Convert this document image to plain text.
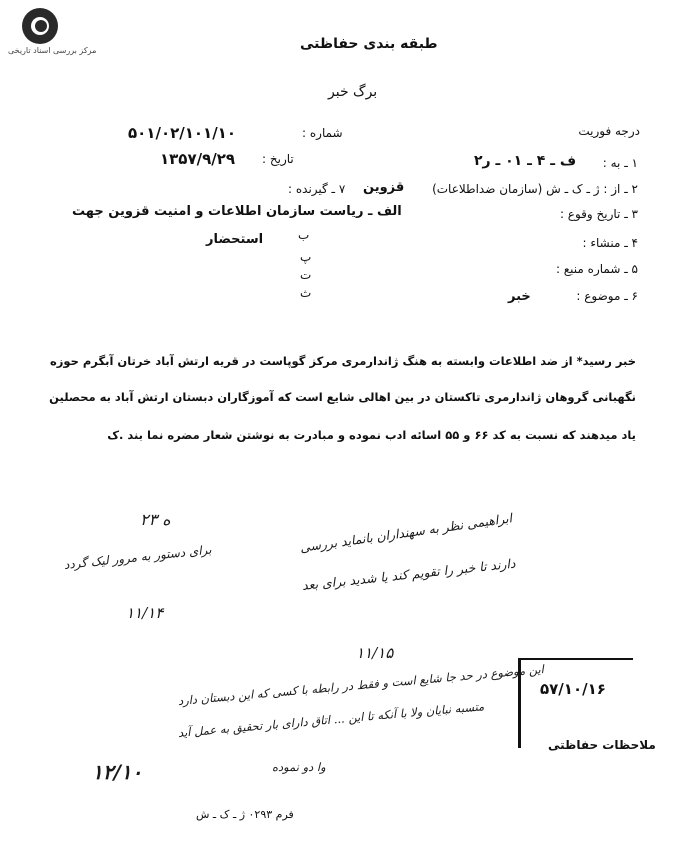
مرکز بررسی اسناد تاریخی	طبقه بندی حفاظتی
برگ خبر
درجه فوریت
شماره :
۵۰۱/۰۲/۱۰۱/۱۰
تاریخ :
۱۳۵۷/۹/۲۹	۱ ـ به :
ف ـ ۴ ـ ۰۱ ـ ر۲
۲ ـ از : ژ ـ ک ـ ش (سازمان ضداطلاعات)
قزوین
۷ ـ گیرنده :
۳ ـ تاریخ وقوع :
۴ ـ منشاء :
۵ ـ شماره منبع :
۶ ـ موضوع :
خبر
الف ـ ریاست سازمان اطلاعات و امنیت قزوین جهت
ب
استحضار
پ
ت
ث
خبر رسید* از ضد اطلاعات وابسته به هنگ ژاندارمری مرکز گوپاست در قریه ارتش آباد خرتان آبگرم حوزه
نگهبانی گروهان ژاندارمری تاکستان در بین اهالی شایع است که آموزگاران دبستان ارتش آباد به محصلین
یاد میدهند که نسبت به کد ۶۶ و ۵۵ اسائه ادب نموده و مبادرت به نوشتن شعار مضره نما بند .ک
۲۳ ه
برای دستور به مرور لیک گردد
۱۱/۱۴
ابراهیمی نظر به سهنداران بانماید بررسی
دارند تا خبر را تقویم کند یا شدید برای بعد
۱۱/۱۵
۵۷/۱۰/۱۶
ملاحظات حفاظتی
این موضوع در حد جا شایع است و فقط در رابطه با کسی که این دبستان دارد
متسبه نبایان ولا با آنکه تا این ... اتاق دارای بار تحقیق به عمل آید
وا دو نموده
۱۲/۱۰
فرم ۰۲۹۳ ژ ـ ک ـ ش
